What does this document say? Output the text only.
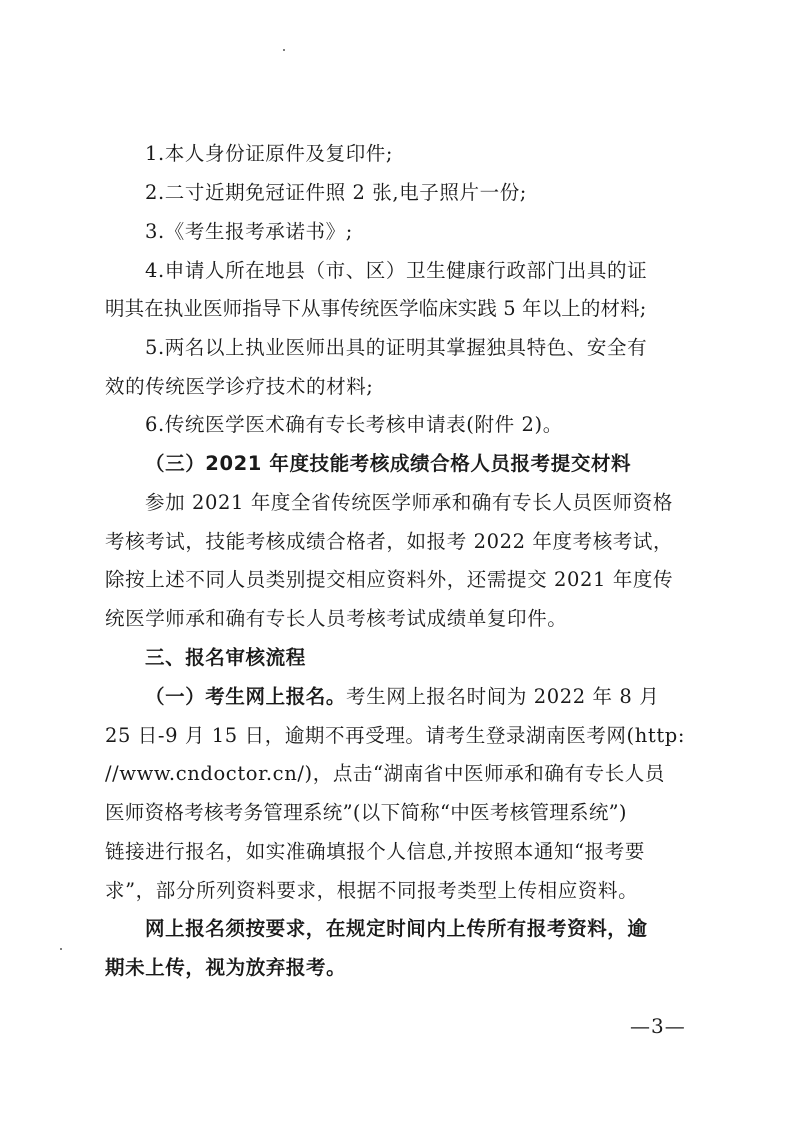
1.本人身份证原件及复印件;
2.二寸近期免冠证件照 2 张,电子照片一份;
3.《考生报考承诺书》;
4.申请人所在地县（市、区）卫生健康行政部门出具的证
明其在执业医师指导下从事传统医学临床实践 5 年以上的材料;
5.两名以上执业医师出具的证明其掌握独具特色、安全有
效的传统医学诊疗技术的材料;
6.传统医学医术确有专长考核申请表(附件 2)。
（三）2021 年度技能考核成绩合格人员报考提交材料
参加 2021 年度全省传统医学师承和确有专长人员医师资格
考核考试，技能考核成绩合格者，如报考 2022 年度考核考试，
除按上述不同人员类别提交相应资料外，还需提交 2021 年度传
统医学师承和确有专长人员考核考试成绩单复印件。
三、报名审核流程
（一）考生网上报名。考生网上报名时间为 2022 年 8 月
25 日-9 月 15 日，逾期不再受理。请考生登录湖南医考网(http:
//www.cndoctor.cn/)，点击“湖南省中医师承和确有专长人员
医师资格考核考务管理系统”(以下简称“中医考核管理系统”)
链接进行报名，如实准确填报个人信息,并按照本通知“报考要
求”，部分所列资料要求，根据不同报考类型上传相应资料。
网上报名须按要求，在规定时间内上传所有报考资料，逾
期未上传，视为放弃报考。
—3—
